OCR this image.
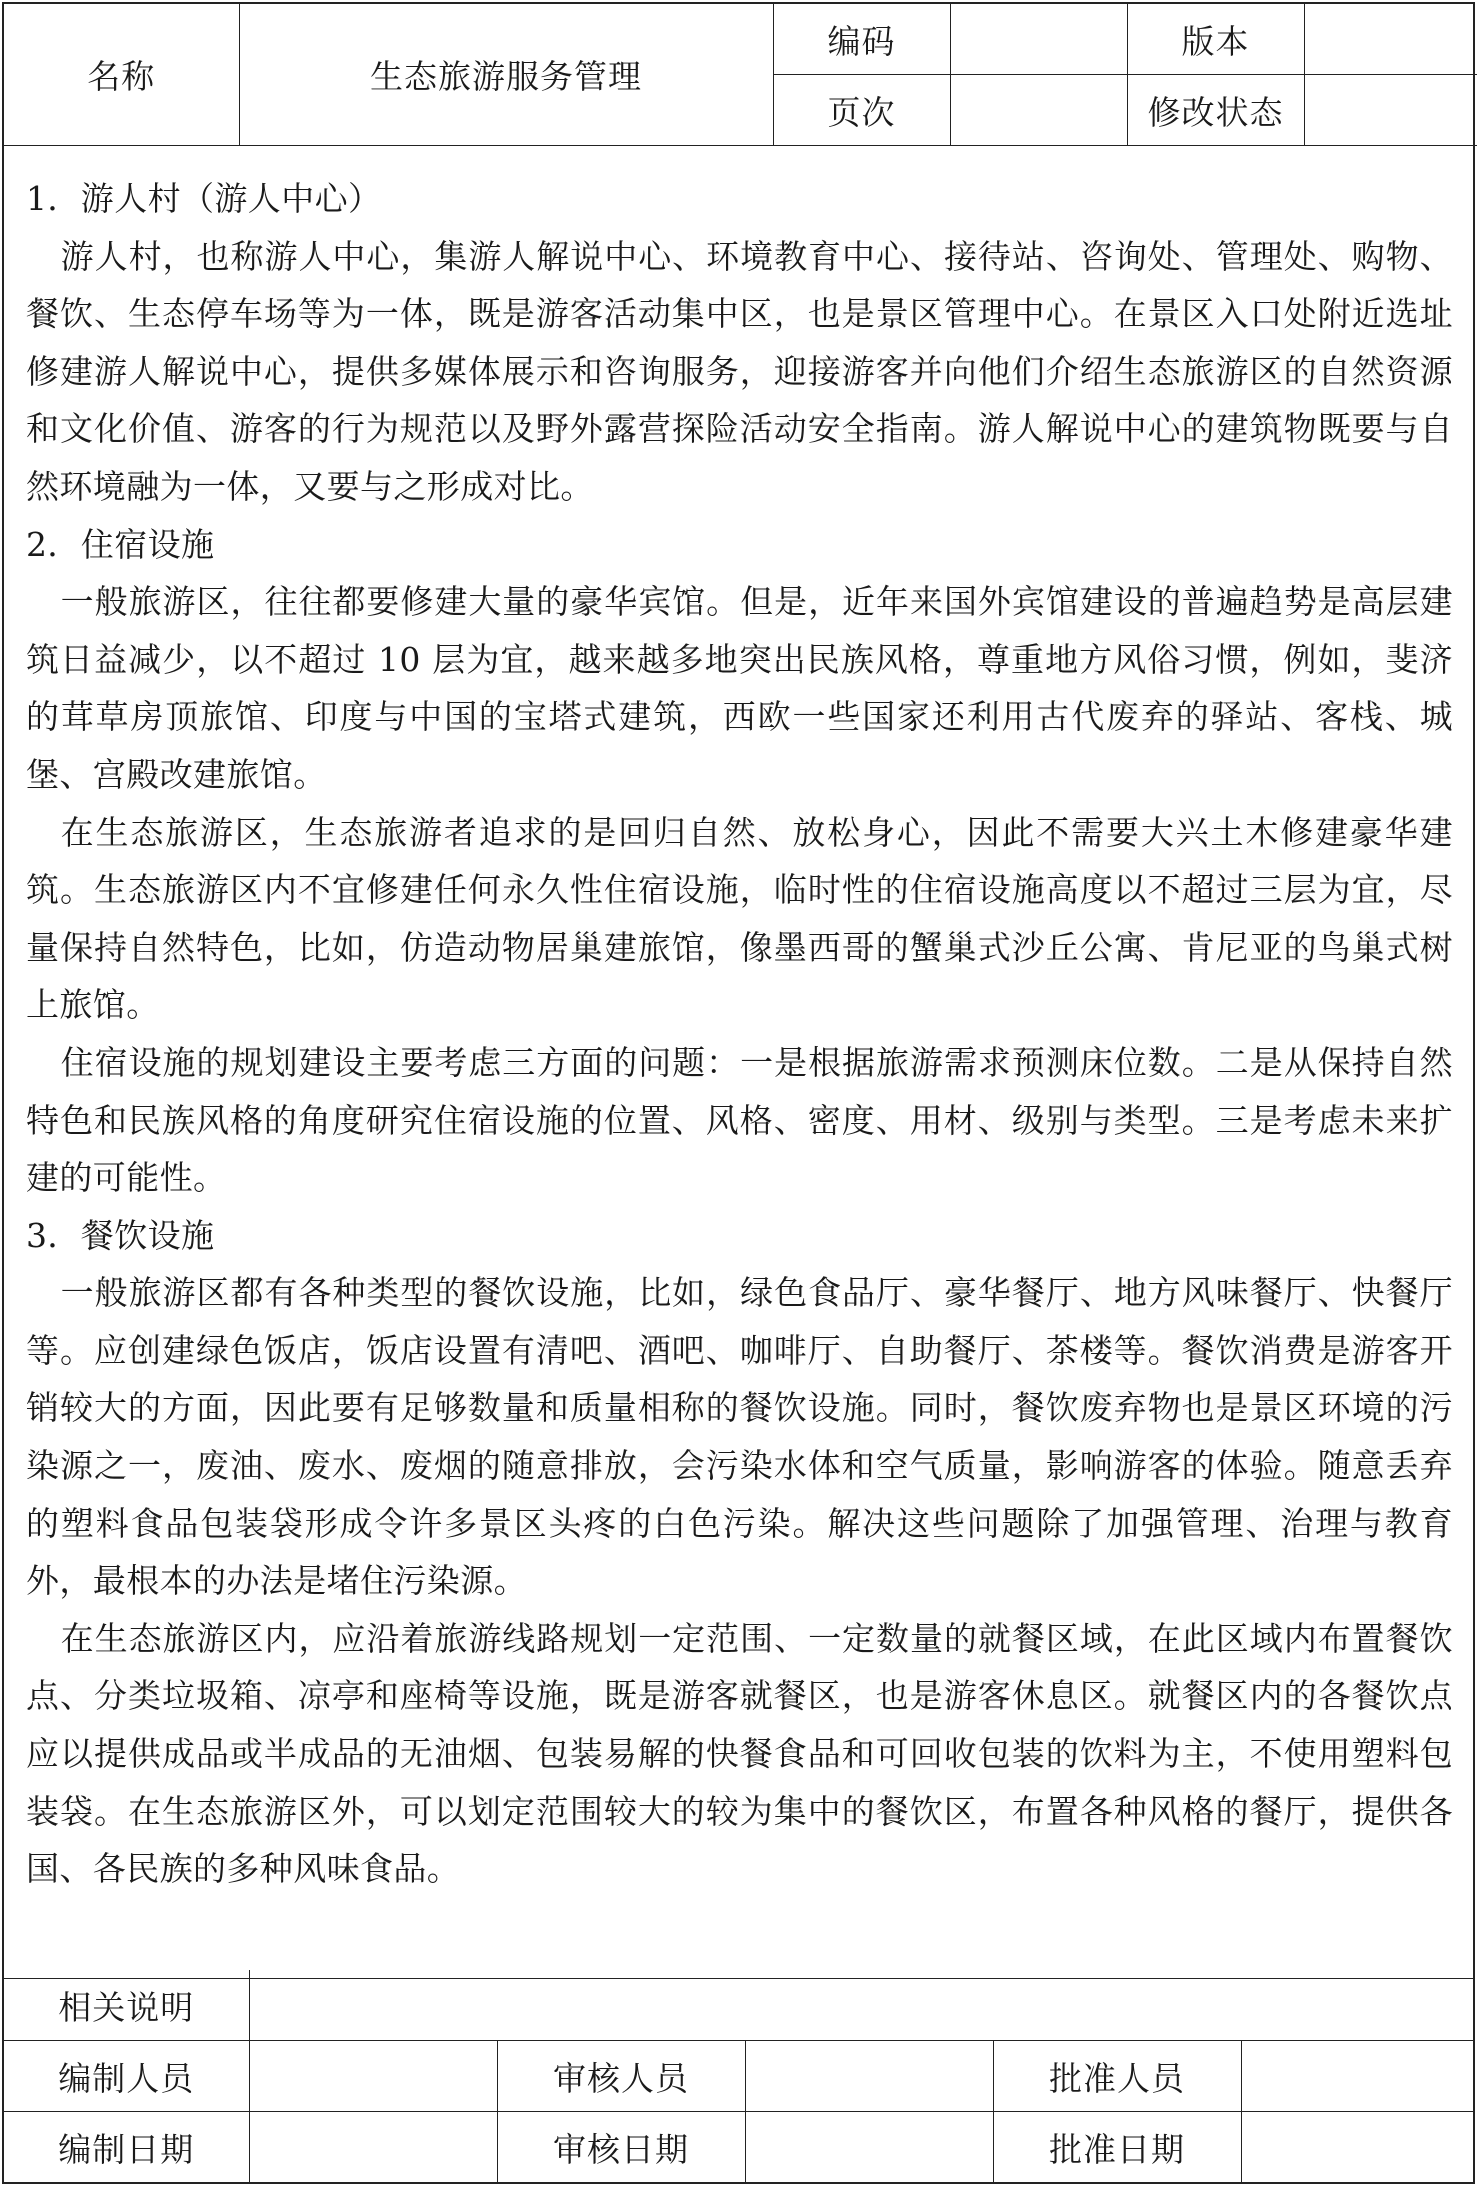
名称	生态旅游服务管理	编码		版本	
		页次		修改状态	

1．游人村（游人中心）

游人村，也称游人中心，集游人解说中心、环境教育中心、接待站、咨询处、管理处、购物、餐饮、生态停车场等为一体，既是游客活动集中区，也是景区管理中心。在景区入口处附近选址修建游人解说中心，提供多媒体展示和咨询服务，迎接游客并向他们介绍生态旅游区的自然资源和文化价值、游客的行为规范以及野外露营探险活动安全指南。游人解说中心的建筑物既要与自然环境融为一体，又要与之形成对比。

2．住宿设施

一般旅游区，往往都要修建大量的豪华宾馆。但是，近年来国外宾馆建设的普遍趋势是高层建筑日益减少，以不超过 10 层为宜，越来越多地突出民族风格，尊重地方风俗习惯，例如，斐济的茸草房顶旅馆、印度与中国的宝塔式建筑，西欧一些国家还利用古代废弃的驿站、客栈、城堡、宫殿改建旅馆。

在生态旅游区，生态旅游者追求的是回归自然、放松身心，因此不需要大兴土木修建豪华建筑。生态旅游区内不宜修建任何永久性住宿设施，临时性的住宿设施高度以不超过三层为宜，尽量保持自然特色，比如，仿造动物居巢建旅馆，像墨西哥的蟹巢式沙丘公寓、肯尼亚的鸟巢式树上旅馆。

住宿设施的规划建设主要考虑三方面的问题：一是根据旅游需求预测床位数。二是从保持自然特色和民族风格的角度研究住宿设施的位置、风格、密度、用材、级别与类型。三是考虑未来扩建的可能性。

3．餐饮设施

一般旅游区都有各种类型的餐饮设施，比如，绿色食品厅、豪华餐厅、地方风味餐厅、快餐厅等。应创建绿色饭店，饭店设置有清吧、酒吧、咖啡厅、自助餐厅、茶楼等。餐饮消费是游客开销较大的方面，因此要有足够数量和质量相称的餐饮设施。同时，餐饮废弃物也是景区环境的污染源之一，废油、废水、废烟的随意排放，会污染水体和空气质量，影响游客的体验。随意丢弃的塑料食品包装袋形成令许多景区头疼的白色污染。解决这些问题除了加强管理、治理与教育外，最根本的办法是堵住污染源。

在生态旅游区内，应沿着旅游线路规划一定范围、一定数量的就餐区域，在此区域内布置餐饮点、分类垃圾箱、凉亭和座椅等设施，既是游客就餐区，也是游客休息区。就餐区内的各餐饮点应以提供成品或半成品的无油烟、包装易解的快餐食品和可回收包装的饮料为主，不使用塑料包装袋。在生态旅游区外，可以划定范围较大的较为集中的餐饮区，布置各种风格的餐厅，提供各国、各民族的多种风味食品。

相关说明					
编制人员		审核人员		批准人员	
编制日期		审核日期		批准日期	
